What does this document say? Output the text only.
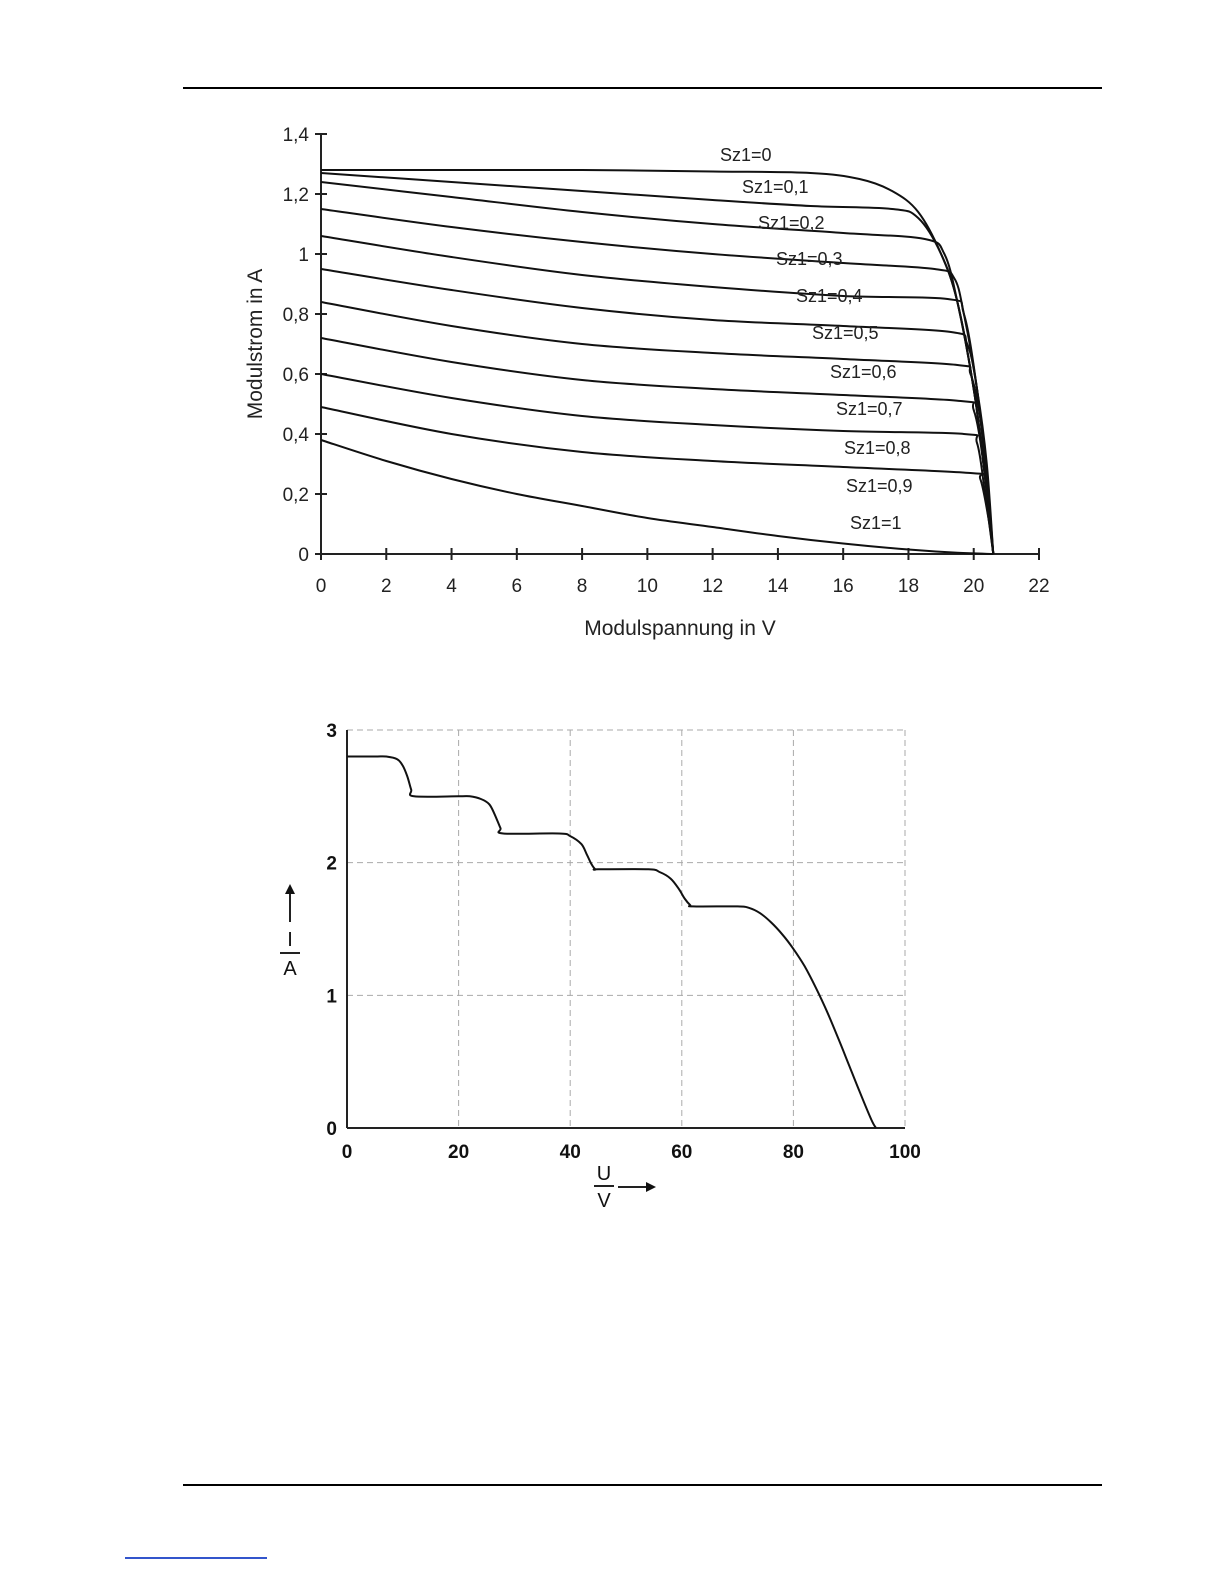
0	2	4	6	8	10 12 14 16 18 20 22
0
0,2
0,4
0,6
0,8
1
1,2
1,4
Sz1=0
Sz1=0,1
Sz1=0,2
Sz1=0,3
Sz1=0,4
Sz1=0,5
Sz1=0,6
Sz1=0,7
Sz1=0,8
Sz1=0,9
Sz1=1
Modulspannung in V
Modulstrom in A
0	20	40	60	80	100
0
1
2
3
I
A
U
V
